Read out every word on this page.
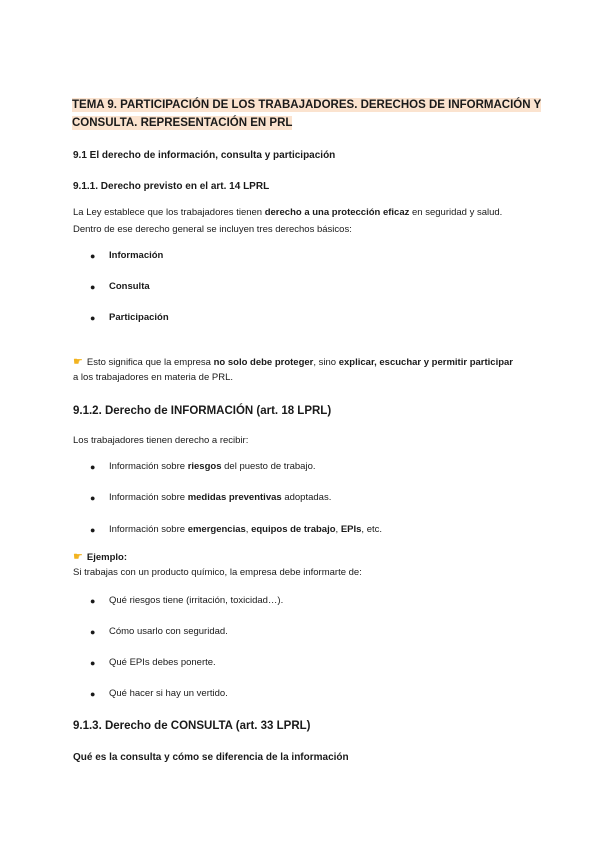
TEMA 9. PARTICIPACIÓN DE LOS TRABAJADORES. DERECHOS DE INFORMACIÓN Y
CONSULTA. REPRESENTACIÓN EN PRL
9.1 El derecho de información, consulta y participación
9.1.1. Derecho previsto en el art. 14 LPRL
La Ley establece que los trabajadores tienen derecho a una protección eficaz en seguridad y salud.
Dentro de ese derecho general se incluyen tres derechos básicos:
● Información
● Consulta
● Participación
☛ Esto significa que la empresa no solo debe proteger, sino explicar, escuchar y permitir participar
a los trabajadores en materia de PRL.
9.1.2. Derecho de INFORMACIÓN (art. 18 LPRL)
Los trabajadores tienen derecho a recibir:
● Información sobre riesgos del puesto de trabajo.
● Información sobre medidas preventivas adoptadas.
● Información sobre emergencias, equipos de trabajo, EPIs, etc.
☛ Ejemplo:
Si trabajas con un producto químico, la empresa debe informarte de:
● Qué riesgos tiene (irritación, toxicidad…).
● Cómo usarlo con seguridad.
● Qué EPIs debes ponerte.
● Qué hacer si hay un vertido.
9.1.3. Derecho de CONSULTA (art. 33 LPRL)
Qué es la consulta y cómo se diferencia de la información
